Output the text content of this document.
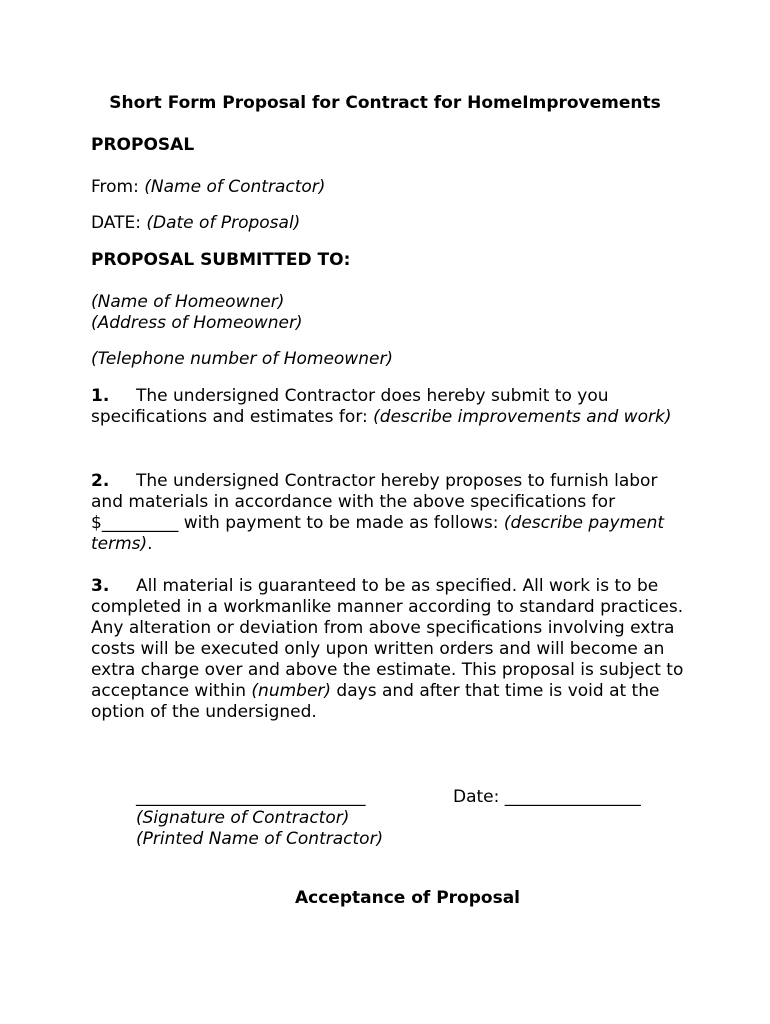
Short Form Proposal for Contract for HomeImprovements
PROPOSAL
From: (Name of Contractor)
DATE: (Date of Proposal)
PROPOSAL SUBMITTED TO:
(Name of Homeowner)
(Address of Homeowner)
(Telephone number of Homeowner)
1. The undersigned Contractor does hereby submit to you specifications and estimates for: (describe improvements and work)
2. The undersigned Contractor hereby proposes to furnish labor and materials in accordance with the above specifications for $_________ with payment to be made as follows: (describe payment terms).
3. All material is guaranteed to be as specified. All work is to be completed in a workmanlike manner according to standard practices. Any alteration or deviation from above specifications involving extra costs will be executed only upon written orders and will become an extra charge over and above the estimate. This proposal is subject to acceptance within (number) days and after that time is void at the option of the undersigned.
___________________________	Date: ________________
(Signature of Contractor)
(Printed Name of Contractor)
Acceptance of Proposal
